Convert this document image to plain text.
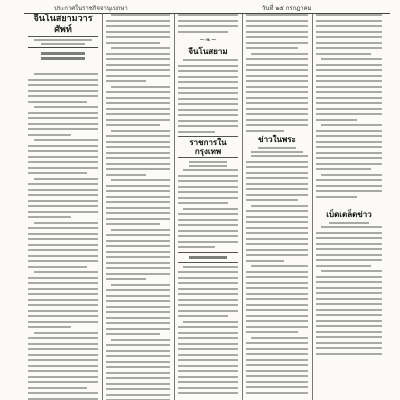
ประกาศในราชกิจจานุเบกษา	วันที่ ๒๕ กรกฎาคม
จีนโนสยามวารศัพท์
~❧~
จีนโนสยาม
ราชการในกรุงเทพ
ข่าวในพระ
เบ็ดเตล็ดข่าว
